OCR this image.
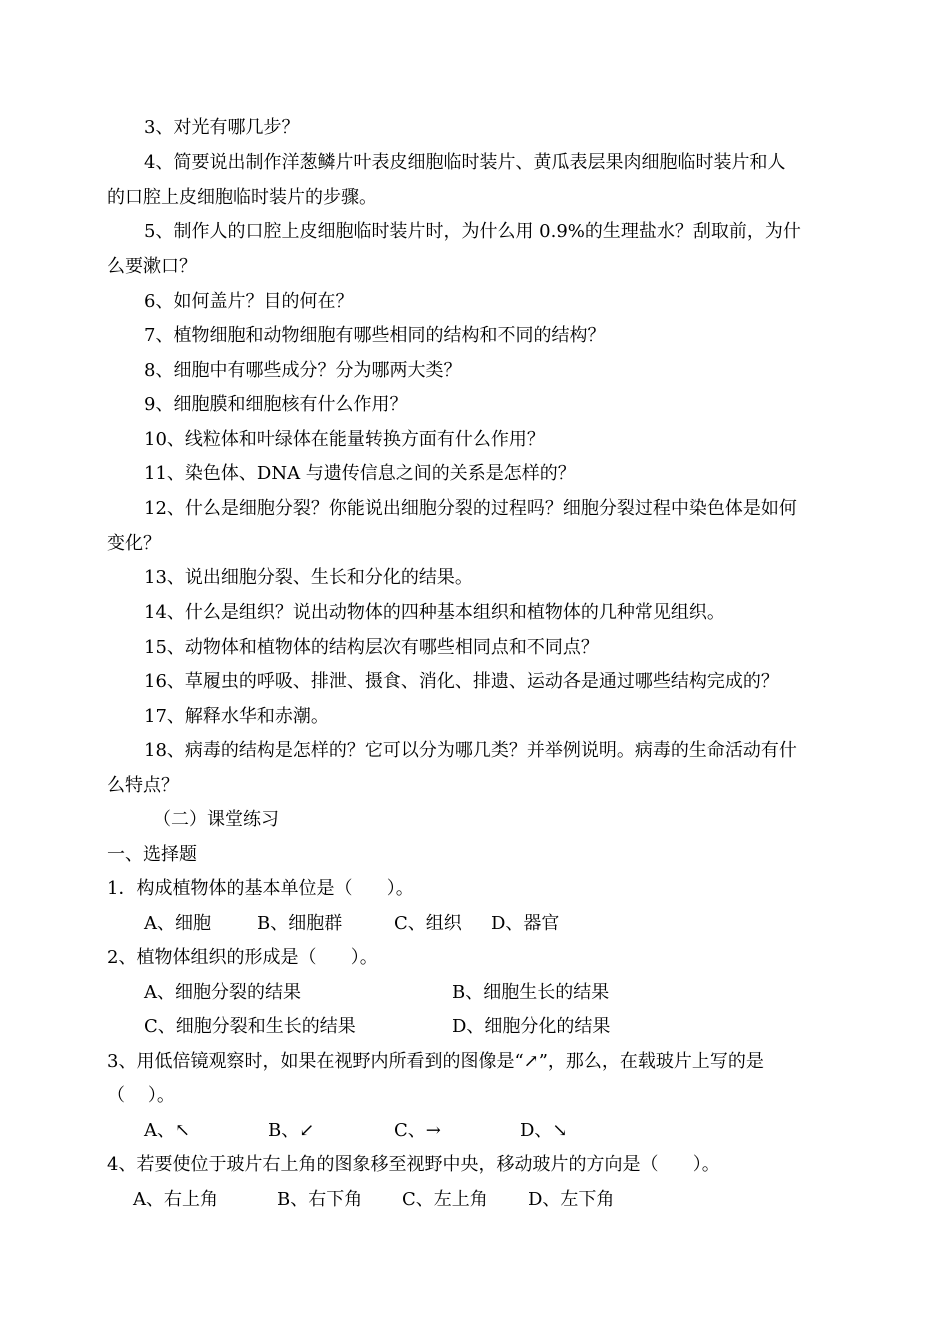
3、对光有哪几步？
4、简要说出制作洋葱鳞片叶表皮细胞临时装片、黄瓜表层果肉细胞临时装片和人
的口腔上皮细胞临时装片的步骤。
5、制作人的口腔上皮细胞临时装片时，为什么用 0.9%的生理盐水？刮取前，为什
么要漱口？
6、如何盖片？目的何在？
7、植物细胞和动物细胞有哪些相同的结构和不同的结构？
8、细胞中有哪些成分？分为哪两大类？
9、细胞膜和细胞核有什么作用？
10、线粒体和叶绿体在能量转换方面有什么作用？
11、染色体、DNA 与遗传信息之间的关系是怎样的？
12、什么是细胞分裂？你能说出细胞分裂的过程吗？细胞分裂过程中染色体是如何
变化？
13、说出细胞分裂、生长和分化的结果。
14、什么是组织？说出动物体的四种基本组织和植物体的几种常见组织。
15、动物体和植物体的结构层次有哪些相同点和不同点？
16、草履虫的呼吸、排泄、摄食、消化、排遗、运动各是通过哪些结构完成的？
17、解释水华和赤潮。
18、病毒的结构是怎样的？它可以分为哪几类？并举例说明。病毒的生命活动有什
么特点？
（二）课堂练习
一、选择题
1．构成植物体的基本单位是（      ）。
A、细胞	B、细胞群	C、组织 D、器官
2、植物体组织的形成是（      ）。
A、细胞分裂的结果	B、细胞生长的结果
C、细胞分裂和生长的结果	D、细胞分化的结果
3、用低倍镜观察时，如果在视野内所看到的图像是“↗”，那么，在载玻片上写的是
（    ）。
A、↖	B、↙	C、→	D、↘
4、若要使位于玻片右上角的图象移至视野中央，移动玻片的方向是（      ）。
A、右上角	B、右下角 C、左上角 D、左下角
